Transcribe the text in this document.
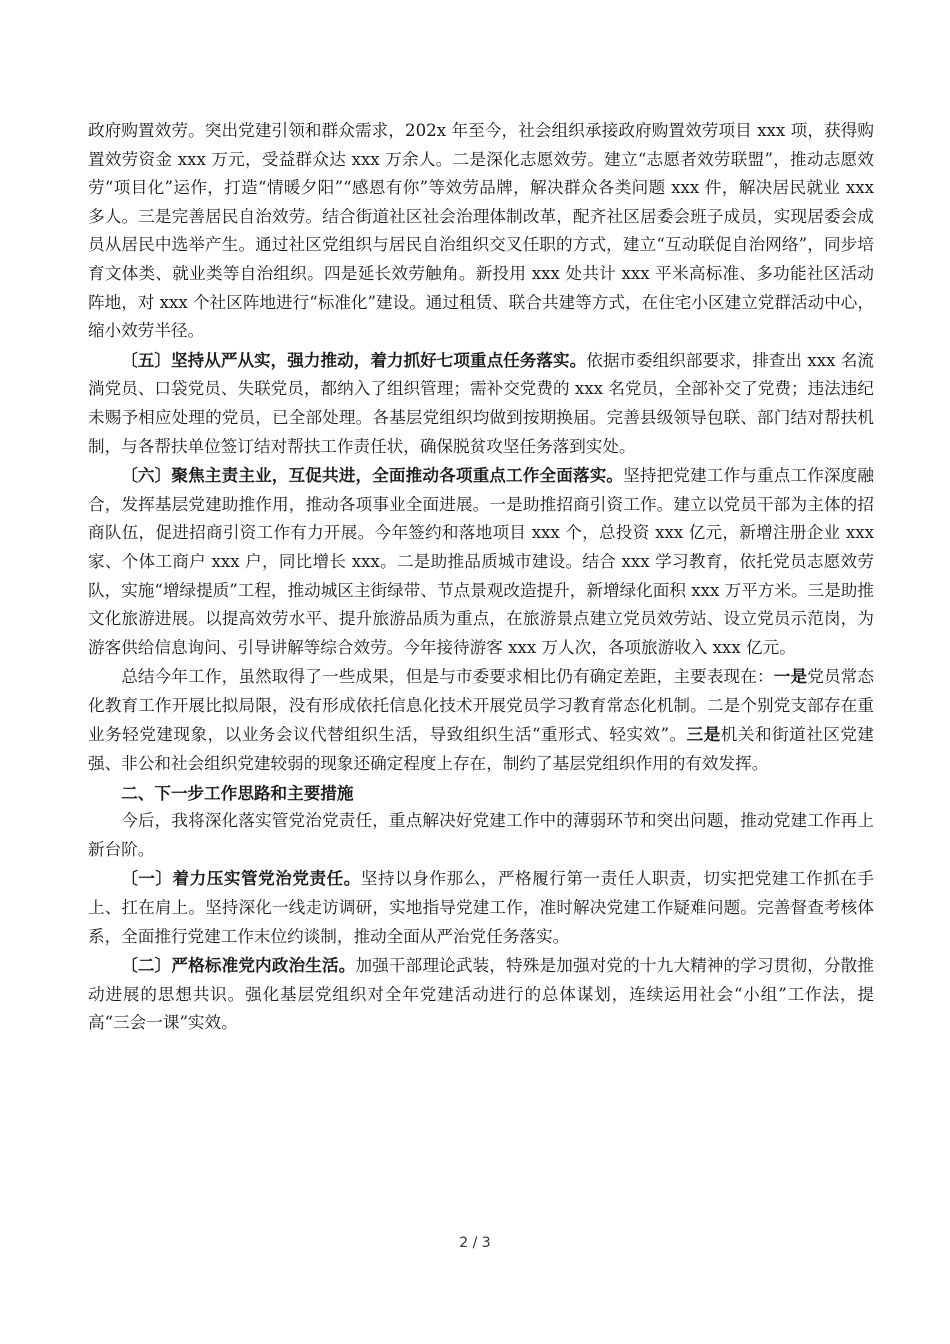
政府购置效劳。突出党建引领和群众需求，202x 年至今，社会组织承接政府购置效劳项目 xxx 项，获得购置效劳资金 xxx 万元，受益群众达 xxx 万余人。二是深化志愿效劳。建立“志愿者效劳联盟”，推动志愿效劳“项目化”运作，打造“情暖夕阳”“感恩有你”等效劳品牌，解决群众各类问题 xxx 件，解决居民就业 xxx 多人。三是完善居民自治效劳。结合街道社区社会治理体制改革，配齐社区居委会班子成员，实现居委会成员从居民中选举产生。通过社区党组织与居民自治组织交叉任职的方式，建立“互动联促自治网络”，同步培育文体类、就业类等自治组织。四是延长效劳触角。新投用 xxx 处共计 xxx 平米高标准、多功能社区活动阵地，对 xxx 个社区阵地进行“标准化”建设。通过租赁、联合共建等方式，在住宅小区建立党群活动中心，缩小效劳半径。

〔五〕坚持从严从实，强力推动，着力抓好七项重点任务落实。依据市委组织部要求，排查出 xxx 名流淌党员、口袋党员、失联党员，都纳入了组织管理；需补交党费的 xxx 名党员，全部补交了党费；违法违纪未赐予相应处理的党员，已全部处理。各基层党组织均做到按期换届。完善县级领导包联、部门结对帮扶机制，与各帮扶单位签订结对帮扶工作责任状，确保脱贫攻坚任务落到实处。

〔六〕聚焦主责主业，互促共进，全面推动各项重点工作全面落实。坚持把党建工作与重点工作深度融合，发挥基层党建助推作用，推动各项事业全面进展。一是助推招商引资工作。建立以党员干部为主体的招商队伍，促进招商引资工作有力开展。今年签约和落地项目 xxx 个，总投资 xxx 亿元，新增注册企业 xxx 家、个体工商户 xxx 户，同比增长 xxx。二是助推品质城市建设。结合 xxx 学习教育，依托党员志愿效劳队，实施“增绿提质”工程，推动城区主街绿带、节点景观改造提升，新增绿化面积 xxx 万平方米。三是助推文化旅游进展。以提高效劳水平、提升旅游品质为重点，在旅游景点建立党员效劳站、设立党员示范岗，为游客供给信息询问、引导讲解等综合效劳。今年接待游客 xxx 万人次，各项旅游收入 xxx 亿元。

总结今年工作，虽然取得了一些成果，但是与市委要求相比仍有确定差距，主要表现在：一是党员常态化教育工作开展比拟局限，没有形成依托信息化技术开展党员学习教育常态化机制。二是个别党支部存在重业务轻党建现象，以业务会议代替组织生活，导致组织生活“重形式、轻实效”。三是机关和街道社区党建强、非公和社会组织党建较弱的现象还确定程度上存在，制约了基层党组织作用的有效发挥。

二、下一步工作思路和主要措施

今后，我将深化落实管党治党责任，重点解决好党建工作中的薄弱环节和突出问题，推动党建工作再上新台阶。

〔一〕着力压实管党治党责任。坚持以身作那么，严格履行第一责任人职责，切实把党建工作抓在手上、扛在肩上。坚持深化一线走访调研，实地指导党建工作，准时解决党建工作疑难问题。完善督查考核体系，全面推行党建工作末位约谈制，推动全面从严治党任务落实。

〔二〕严格标准党内政治生活。加强干部理论武装，特殊是加强对党的十九大精神的学习贯彻，分散推动进展的思想共识。强化基层党组织对全年党建活动进行的总体谋划，连续运用社会“小组”工作法，提高“三会一课”实效。

2 / 3
